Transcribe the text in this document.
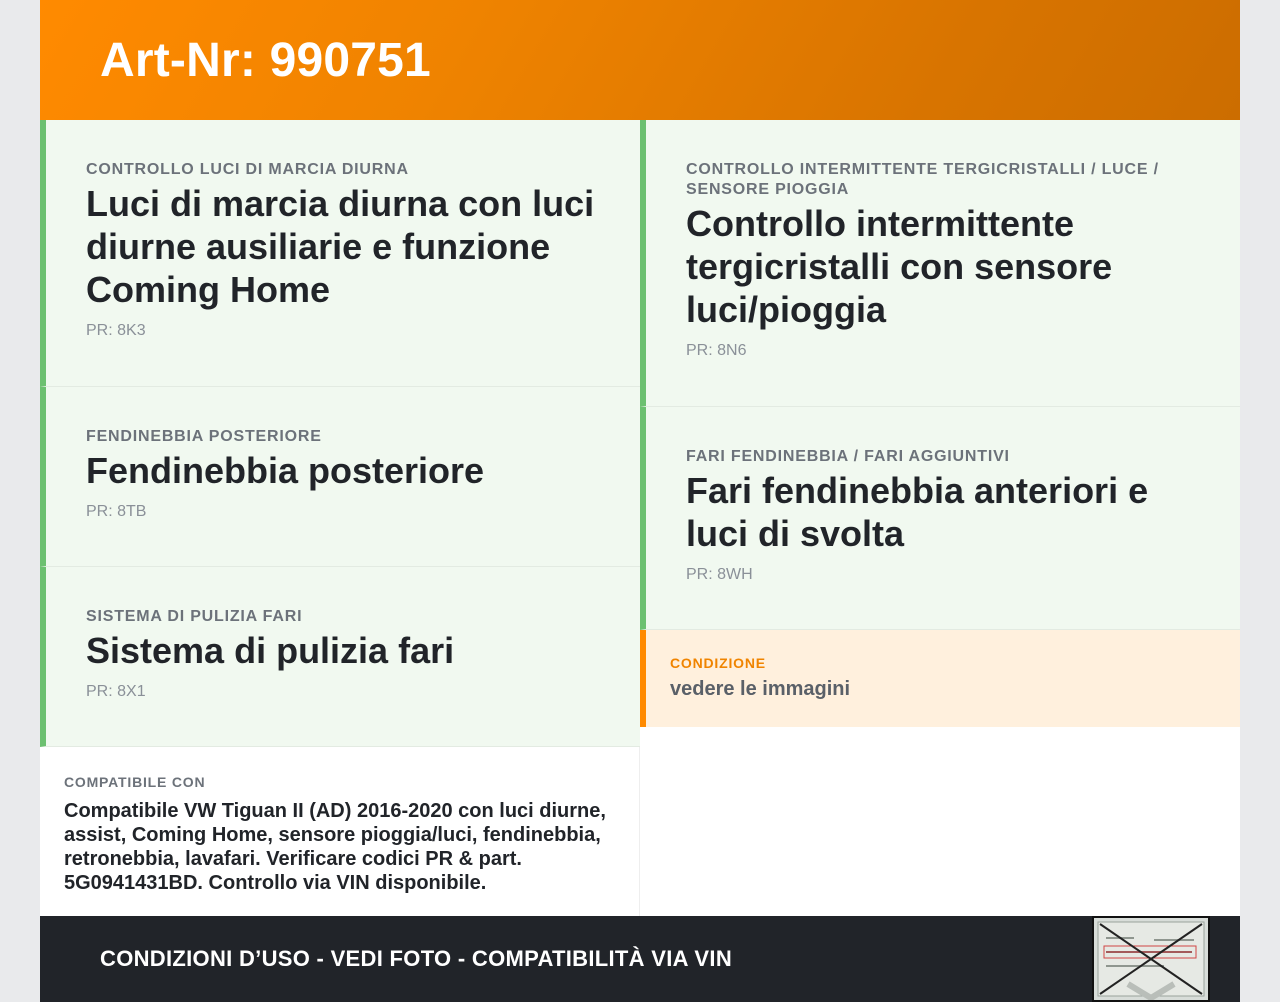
Art-Nr: 990751
CONTROLLO LUCI DI MARCIA DIURNA
Luci di marcia diurna con luci diurne ausiliarie e funzione Coming Home
PR: 8K3
FENDINEBBIA POSTERIORE
Fendinebbia posteriore
PR: 8TB
SISTEMA DI PULIZIA FARI
Sistema di pulizia fari
PR: 8X1
COMPATIBILE CON
Compatibile VW Tiguan II (AD) 2016-2020 con luci diurne, assist, Coming Home, sensore pioggia/luci, fendinebbia, retronebbia, lavafari. Verificare codici PR & part. 5G0941431BD. Controllo via VIN disponibile.
CONTROLLO INTERMITTENTE TERGICRISTALLI / LUCE / SENSORE PIOGGIA
Controllo intermittente tergicristalli con sensore luci/pioggia
PR: 8N6
FARI FENDINEBBIA / FARI AGGIUNTIVI
Fari fendinebbia anteriori e luci di svolta
PR: 8WH
CONDIZIONE
vedere le immagini
CONDIZIONI D’USO - VEDI FOTO - COMPATIBILITÀ VIA VIN
